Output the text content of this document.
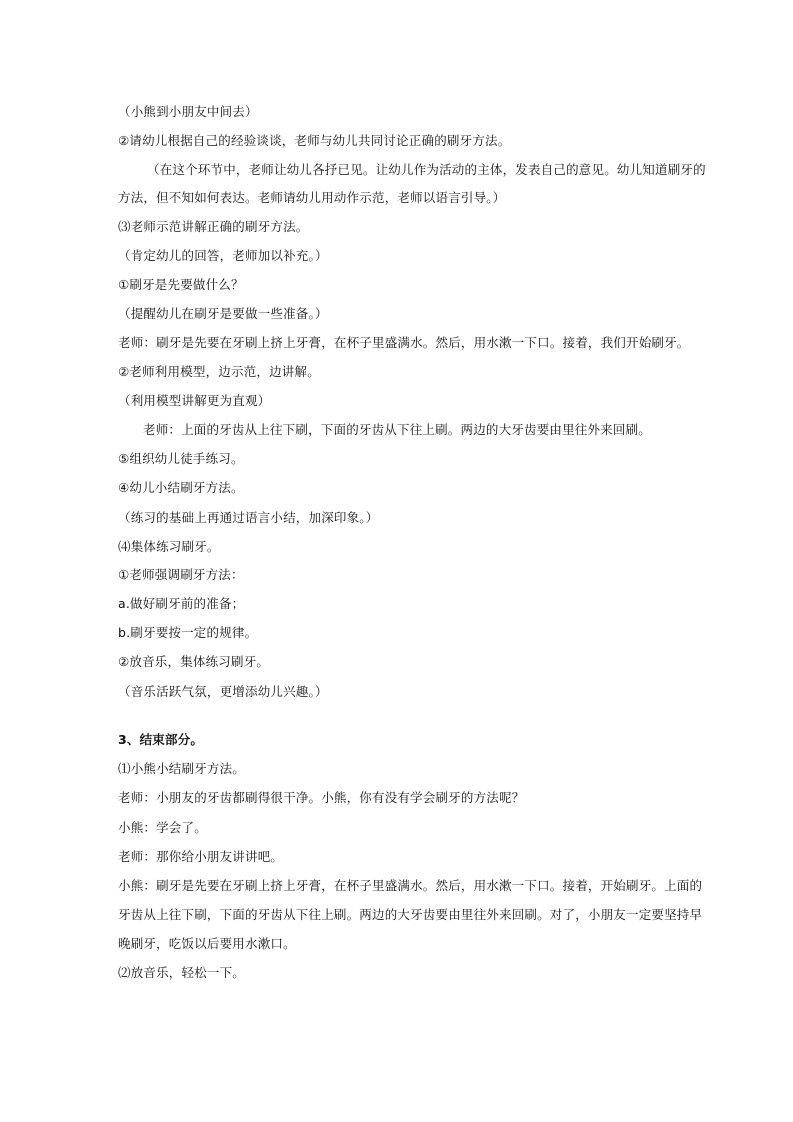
（小熊到小朋友中间去）
②请幼儿根据自己的经验谈谈，老师与幼儿共同讨论正确的刷牙方法。
（在这个环节中，老师让幼儿各抒已见。让幼儿作为活动的主体，发表自己的意见。幼儿知道刷牙的
方法，但不知如何表达。老师请幼儿用动作示范，老师以语言引导。）
⑶老师示范讲解正确的刷牙方法。
（肯定幼儿的回答，老师加以补充。）
①刷牙是先要做什么？
（提醒幼儿在刷牙是要做一些准备。）
老师：刷牙是先要在牙刷上挤上牙膏，在杯子里盛满水。然后，用水漱一下口。接着，我们开始刷牙。
②老师利用模型，边示范，边讲解。
（利用模型讲解更为直观）
老师：上面的牙齿从上往下刷，下面的牙齿从下往上刷。两边的大牙齿要由里往外来回刷。
⑤组织幼儿徒手练习。
④幼儿小结刷牙方法。
（练习的基础上再通过语言小结，加深印象。）
⑷集体练习刷牙。
①老师强调刷牙方法：
a.做好刷牙前的准备；
b.刷牙要按一定的规律。
②放音乐，集体练习刷牙。
（音乐活跃气氛，更增添幼儿兴趣。）
3、结束部分。
⑴小熊小结刷牙方法。
老师：小朋友的牙齿都刷得很干净。小熊，你有没有学会刷牙的方法呢？
小熊：学会了。
老师：那你给小朋友讲讲吧。
小熊：刷牙是先要在牙刷上挤上牙膏，在杯子里盛满水。然后，用水漱一下口。接着，开始刷牙。上面的
牙齿从上往下刷，下面的牙齿从下往上刷。两边的大牙齿要由里往外来回刷。对了，小朋友一定要坚持早
晚刷牙，吃饭以后要用水漱口。
⑵放音乐，轻松一下。
